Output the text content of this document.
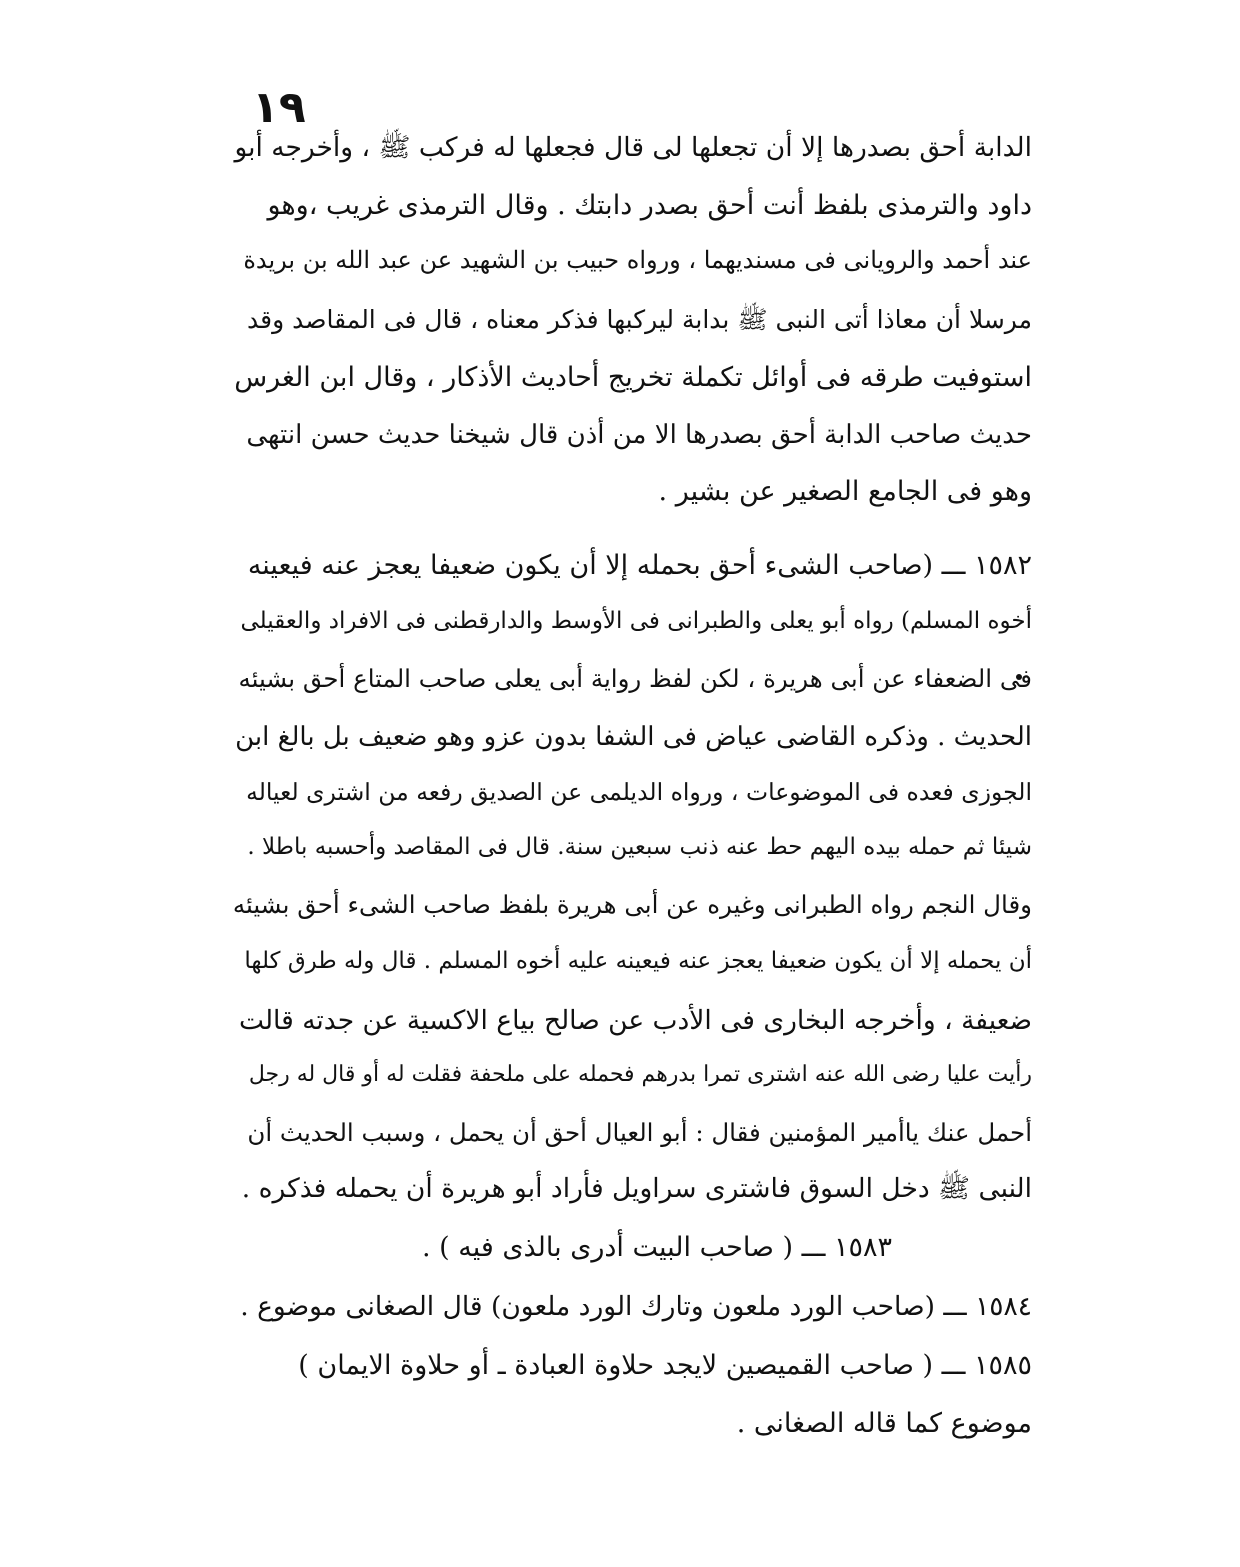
١٩
الدابة أحق بصدرها إلا أن تجعلها لى قال فجعلها له فركب ﷺ ، وأخرجه أبو
داود والترمذى بلفظ أنت أحق بصدر دابتك . وقال الترمذى غريب ،وهو
عند أحمد والرويانى فى مسنديهما ، ورواه حبيب بن الشهيد عن عبد الله بن بريدة
مرسلا أن معاذا أتى النبى ﷺ بدابة ليركبها فذكر معناه ، قال فى المقاصد وقد
استوفيت طرقه فى أوائل تكملة تخريج أحاديث الأذكار ، وقال ابن الغرس
حديث صاحب الدابة أحق بصدرها الا من أذن قال شيخنا حديث حسن انتهى
وهو فى الجامع الصغير عن بشير .
١٥٨٢ ـــ (صاحب الشىء أحق بحمله إلا أن يكون ضعيفا يعجز عنه فيعينه
أخوه المسلم) رواه أبو يعلى والطبرانى فى الأوسط والدارقطنى فى الافراد والعقيلى
فى الضعفاء عن أبى هريرة ، لكن لفظ رواية أبى يعلى صاحب المتاع أحق بشيئه
الحديث . وذكره القاضى عياض فى الشفا بدون عزو وهو ضعيف بل بالغ ابن
الجوزى فعده فى الموضوعات ، ورواه الديلمى عن الصديق رفعه من اشترى لعياله
شيئا ثم حمله بيده اليهم حط عنه ذنب سبعين سنة. قال فى المقاصد وأحسبه باطلا .
وقال النجم رواه الطبرانى وغيره عن أبى هريرة بلفظ صاحب الشىء أحق بشيئه
أن يحمله إلا أن يكون ضعيفا يعجز عنه فيعينه عليه أخوه المسلم . قال وله طرق كلها
ضعيفة ، وأخرجه البخارى فى الأدب عن صالح بياع الاكسية عن جدته قالت
رأيت عليا رضى الله عنه اشترى تمرا بدرهم فحمله على ملحفة فقلت له أو قال له رجل
أحمل عنك ياأمير المؤمنين فقال : أبو العيال أحق أن يحمل ، وسبب الحديث أن
النبى ﷺ دخل السوق فاشترى سراويل فأراد أبو هريرة أن يحمله فذكره .
١٥٨٣ ـــ ( صاحب البيت أدرى بالذى فيه ) .
١٥٨٤ ـــ (صاحب الورد ملعون وتارك الورد ملعون) قال الصغانى موضوع .
١٥٨٥ ـــ ( صاحب القميصين لايجد حلاوة العبادة ـ أو حلاوة الايمان )
موضوع كما قاله الصغانى .
